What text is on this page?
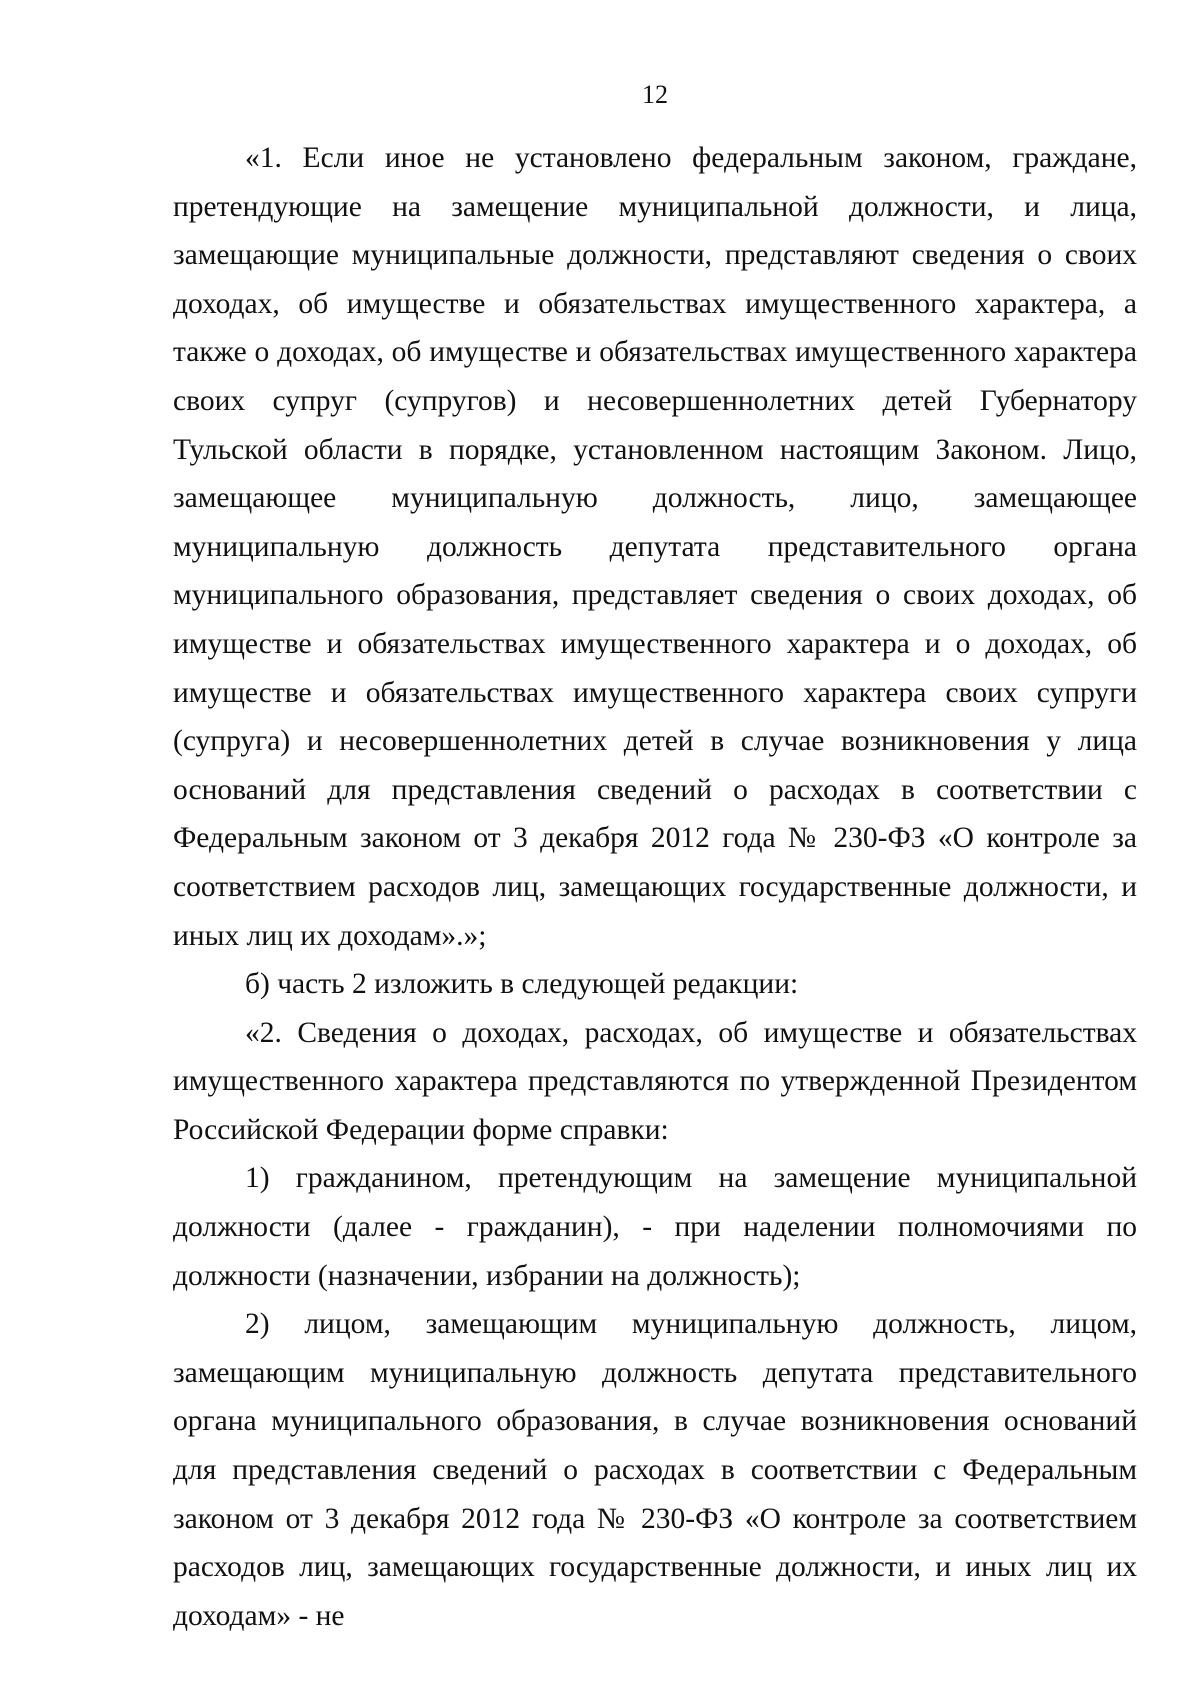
12

«1. Если иное не установлено федеральным законом, граждане, претендующие на замещение муниципальной должности, и лица, замещающие муниципальные должности, представляют сведения о своих доходах, об имуществе и обязательствах имущественного характера, а также о доходах, об имуществе и обязательствах имущественного характера своих супруг (супругов) и несовершеннолетних детей Губернатору Тульской области в порядке, установленном настоящим Законом. Лицо, замещающее муниципальную должность, лицо, замещающее муниципальную должность депутата представительного органа муниципального образования, представляет сведения о своих доходах, об имуществе и обязательствах имущественного характера и о доходах, об имуществе и обязательствах имущественного характера своих супруги (супруга) и несовершеннолетних детей в случае возникновения у лица оснований для представления сведений о расходах в соответствии с Федеральным законом от 3 декабря 2012 года № 230-ФЗ «О контроле за соответствием расходов лиц, замещающих государственные должности, и иных лиц их доходам».»;

б) часть 2 изложить в следующей редакции:

«2. Сведения о доходах, расходах, об имуществе и обязательствах имущественного характера представляются по утвержденной Президентом Российской Федерации форме справки:

1) гражданином, претендующим на замещение муниципальной должности (далее - гражданин), - при наделении полномочиями по должности (назначении, избрании на должность);

2) лицом, замещающим муниципальную должность, лицом, замещающим муниципальную должность депутата представительного органа муниципального образования, в случае возникновения оснований для представления сведений о расходах в соответствии с Федеральным законом от 3 декабря 2012 года № 230-ФЗ «О контроле за соответствием расходов лиц, замещающих государственные должности, и иных лиц их доходам» - не
